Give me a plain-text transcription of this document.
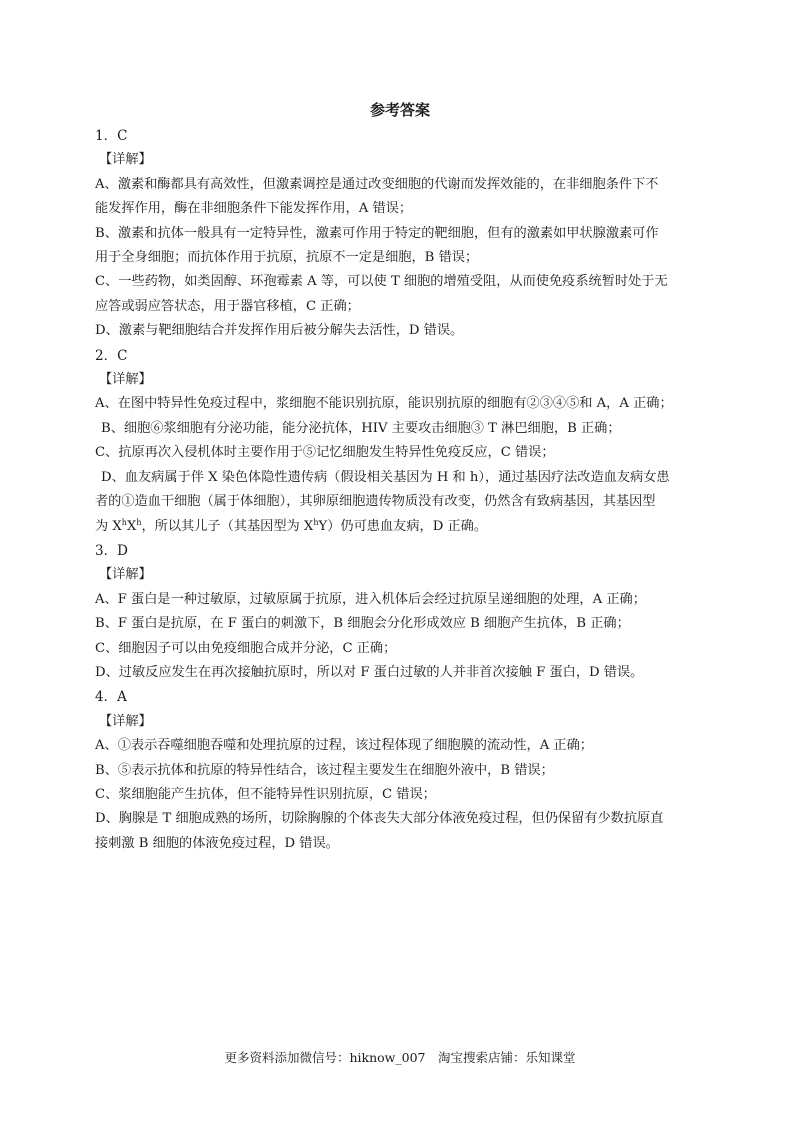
参考答案
1．C
【详解】
A、激素和酶都具有高效性，但激素调控是通过改变细胞的代谢而发挥效能的，在非细胞条件下不
能发挥作用，酶在非细胞条件下能发挥作用，A 错误；
B、激素和抗体一般具有一定特异性，激素可作用于特定的靶细胞，但有的激素如甲状腺激素可作
用于全身细胞；而抗体作用于抗原，抗原不一定是细胞，B 错误；
C、一些药物，如类固醇、环孢霉素 A 等，可以使 T 细胞的增殖受阻，从而使免疫系统暂时处于无
应答或弱应答状态，用于器官移植，C 正确；
D、激素与靶细胞结合并发挥作用后被分解失去活性，D 错误。
2．C
【详解】
A、在图中特异性免疫过程中，浆细胞不能识别抗原，能识别抗原的细胞有②③④⑤和 A，A 正确；
B、细胞⑥浆细胞有分泌功能，能分泌抗体，HIV 主要攻击细胞③ T 淋巴细胞，B 正确；
C、抗原再次入侵机体时主要作用于⑤记忆细胞发生特异性免疫反应，C 错误；
D、血友病属于伴 X 染色体隐性遗传病（假设相关基因为 H 和 h），通过基因疗法改造血友病女患
者的①造血干细胞（属于体细胞），其卵原细胞遗传物质没有改变，仍然含有致病基因，其基因型
为 $X^hX^h$，所以其儿子（其基因型为 $X^hY$）仍可患血友病，D 正确。
3．D
【详解】
A、F 蛋白是一种过敏原，过敏原属于抗原，进入机体后会经过抗原呈递细胞的处理，A 正确；
B、F 蛋白是抗原，在 F 蛋白的刺激下，B 细胞会分化形成效应 B 细胞产生抗体，B 正确；
C、细胞因子可以由免疫细胞合成并分泌，C 正确；
D、过敏反应发生在再次接触抗原时，所以对 F 蛋白过敏的人并非首次接触 F 蛋白，D 错误。
4．A
【详解】
A、①表示吞噬细胞吞噬和处理抗原的过程，该过程体现了细胞膜的流动性，A 正确；
B、⑤表示抗体和抗原的特异性结合，该过程主要发生在细胞外液中，B 错误；
C、浆细胞能产生抗体，但不能特异性识别抗原，C 错误；
D、胸腺是 T 细胞成熟的场所，切除胸腺的个体丧失大部分体液免疫过程，但仍保留有少数抗原直
接刺激 B 细胞的体液免疫过程，D 错误。
更多资料添加微信号：hiknow_007　淘宝搜索店铺：乐知课堂
